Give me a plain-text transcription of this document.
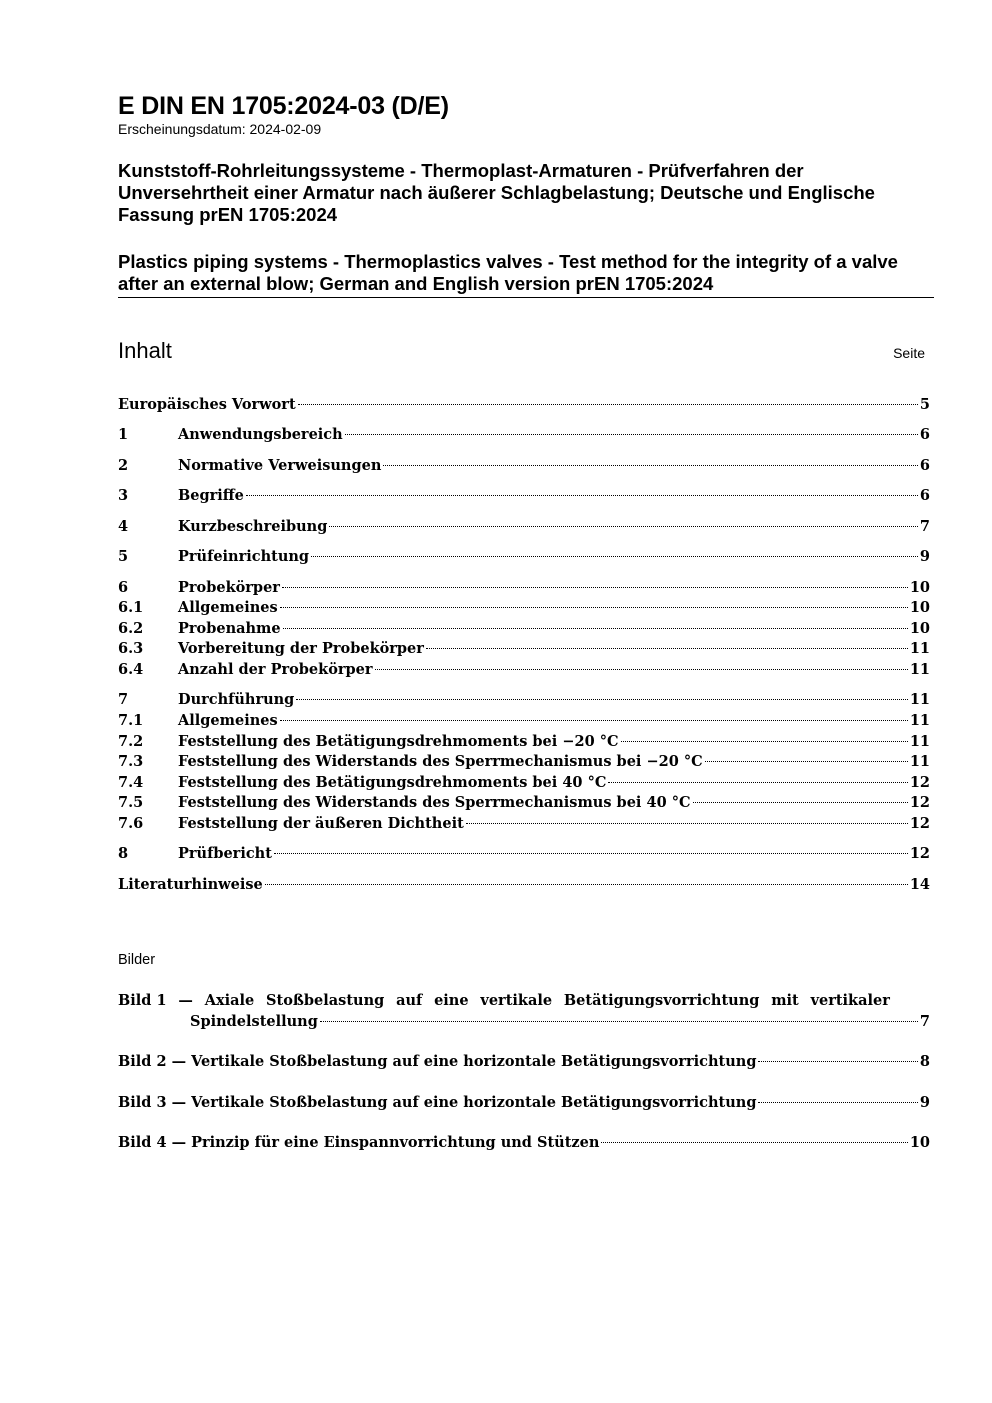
E DIN EN 1705:2024-03 (D/E)
Erscheinungsdatum: 2024-02-09
Kunststoff-Rohrleitungssysteme - Thermoplast-Armaturen - Prüfverfahren der Unversehrtheit einer Armatur nach äußerer Schlagbelastung; Deutsche und Englische Fassung prEN 1705:2024
Plastics piping systems - Thermoplastics valves - Test method for the integrity of a valve after an external blow; German and English version prEN 1705:2024
Inhalt	Seite
Europäisches Vorwort	5
1	Anwendungsbereich	6
2	Normative Verweisungen	6
3	Begriffe	6
4	Kurzbeschreibung	7
5	Prüfeinrichtung	9
6	Probekörper	10
6.1 Allgemeines	10
6.2 Probenahme	10
6.3 Vorbereitung der Probekörper	11
6.4 Anzahl der Probekörper	11
7	Durchführung	11
7.1 Allgemeines	11
7.2 Feststellung des Betätigungsdrehmoments bei −20 °C	11
7.3 Feststellung des Widerstands des Sperrmechanismus bei −20 °C	11
7.4 Feststellung des Betätigungsdrehmoments bei 40 °C	12
7.5 Feststellung des Widerstands des Sperrmechanismus bei 40 °C	12
7.6 Feststellung der äußeren Dichtheit	12
8	Prüfbericht	12
Literaturhinweise	14
Bilder
Bild 1 — Axiale Stoßbelastung auf eine vertikale Betätigungsvorrichtung mit vertikaler
Spindelstellung	7
Bild 2 — Vertikale Stoßbelastung auf eine horizontale Betätigungsvorrichtung	8
Bild 3 — Vertikale Stoßbelastung auf eine horizontale Betätigungsvorrichtung	9
Bild 4 — Prinzip für eine Einspannvorrichtung und Stützen	10
